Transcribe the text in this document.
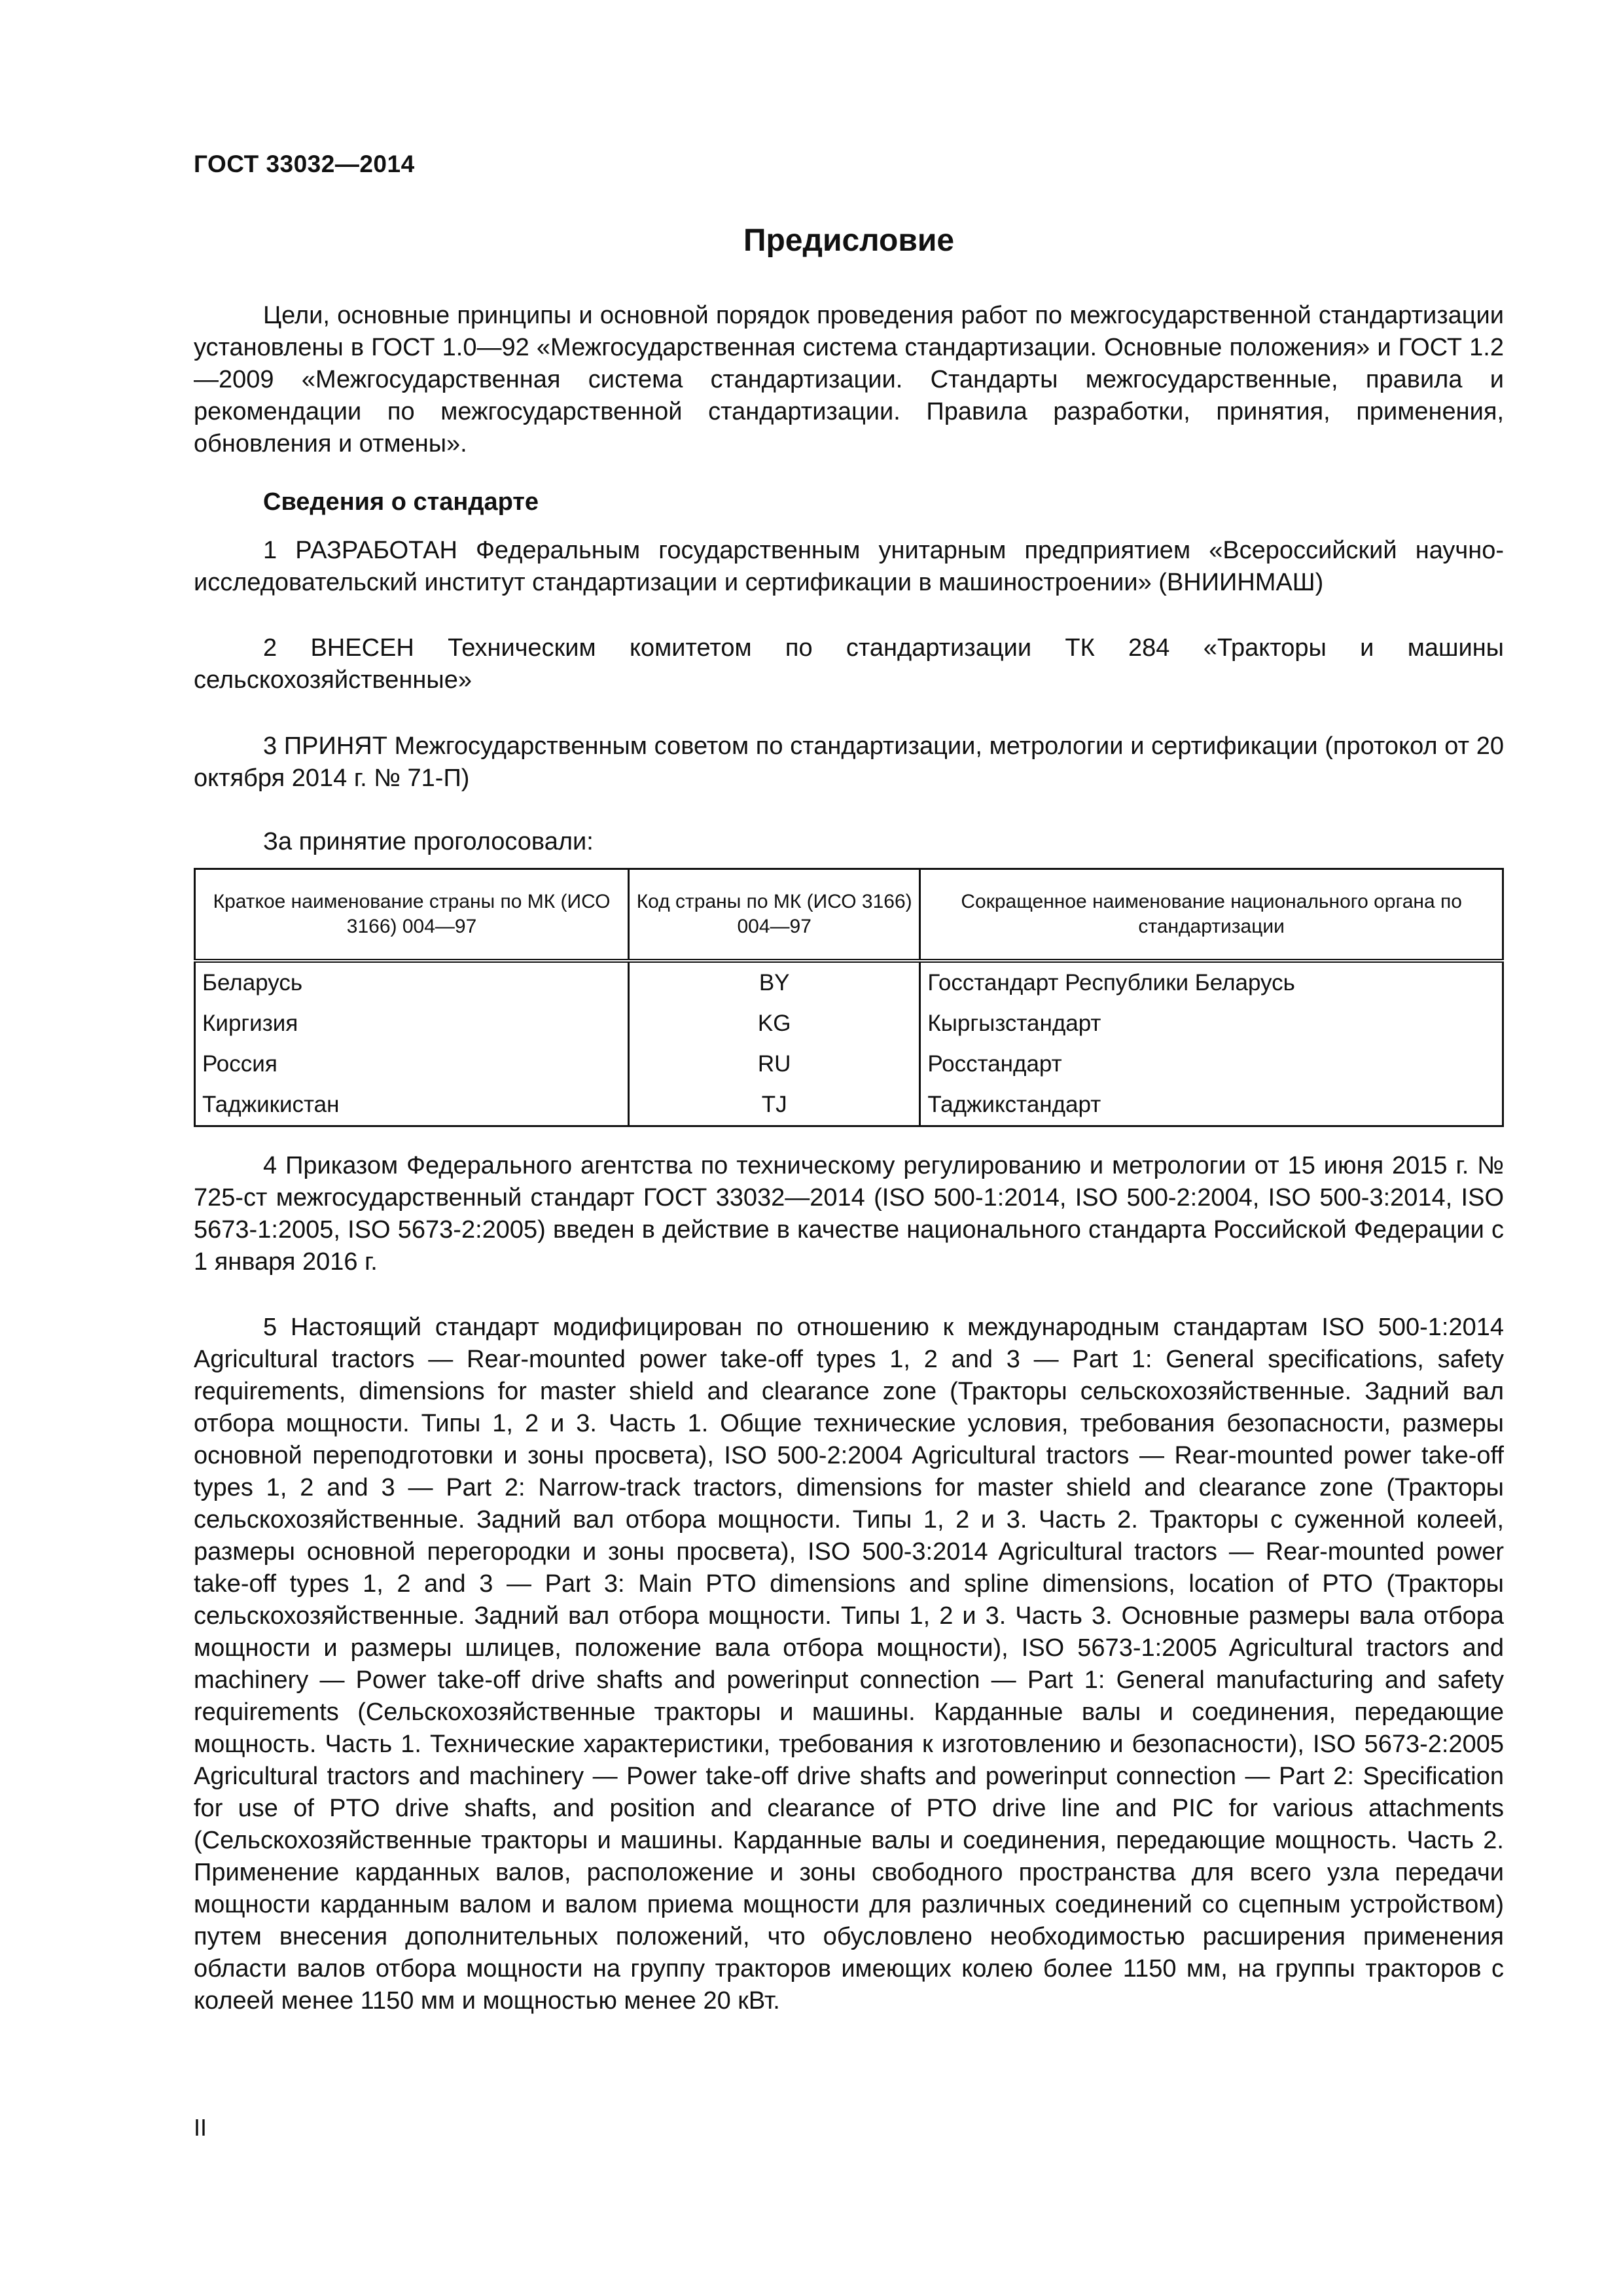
ГОСТ 33032—2014
Предисловие

Цели, основные принципы и основной порядок проведения работ по межгосударственной стандартизации установлены в ГОСТ 1.0—92 «Межгосударственная система стандартизации. Основные положения» и ГОСТ 1.2—2009 «Межгосударственная система стандартизации. Стандарты межгосударственные, правила и рекомендации по межгосударственной стандартизации. Правила разработки, принятия, применения, обновления и отмены».

Сведения о стандарте

1 РАЗРАБОТАН Федеральным государственным унитарным предприятием «Всероссийский научно-исследовательский институт стандартизации и сертификации в машиностроении» (ВНИИНМАШ)

2 ВНЕСЕН Техническим комитетом по стандартизации ТК 284 «Тракторы и машины сельскохозяйственные»

3 ПРИНЯТ Межгосударственным советом по стандартизации, метрологии и сертификации (протокол от 20 октября 2014 г. № 71-П)

За принятие проголосовали:
Краткое наименование страны по МК (ИСО 3166) 004—97	Код страны по МК (ИСО 3166) 004—97	Сокращенное наименование национального органа по стандартизации
Беларусь	BY	Госстандарт Республики Беларусь
Киргизия	KG	Кыргызстандарт
Россия	RU	Росстандарт
Таджикистан	TJ	Таджикстандарт

4 Приказом Федерального агентства по техническому регулированию и метрологии от 15 июня 2015 г. № 725-ст межгосударственный стандарт ГОСТ 33032—2014 (ISO 500-1:2014, ISO 500-2:2004, ISO 500-3:2014, ISO 5673-1:2005, ISO 5673-2:2005) введен в действие в качестве национального стандарта Российской Федерации с 1 января 2016 г.

5 Настоящий стандарт модифицирован по отношению к международным стандартам ISO 500-1:2014 Agricultural tractors — Rear-mounted power take-off types 1, 2 and 3 — Part 1: General specifications, safety requirements, dimensions for master shield and clearance zone (Тракторы сельскохозяйственные. Задний вал отбора мощности. Типы 1, 2 и 3. Часть 1. Общие технические условия, требования безопасности, размеры основной переподготовки и зоны просвета), ISO 500-2:2004 Agricultural tractors — Rear-mounted power take-off types 1, 2 and 3 — Part 2: Narrow-track tractors, dimensions for master shield and clearance zone (Тракторы сельскохозяйственные. Задний вал отбора мощности. Типы 1, 2 и 3. Часть 2. Тракторы с суженной колеей, размеры основной перегородки и зоны просвета), ISO 500-3:2014 Agricultural tractors — Rear-mounted power take-off types 1, 2 and 3 — Part 3: Main PTO dimensions and spline dimensions, location of PTO (Тракторы сельскохозяйственные. Задний вал отбора мощности. Типы 1, 2 и 3. Часть 3. Основные размеры вала отбора мощности и размеры шлицев, положение вала отбора мощности), ISO 5673-1:2005 Agricultural tractors and machinery — Power take-off drive shafts and powerinput connection — Part 1: General manufacturing and safety requirements (Сельскохозяйственные тракторы и машины. Карданные валы и соединения, передающие мощность. Часть 1. Технические характеристики, требования к изготовлению и безопасности), ISO 5673-2:2005 Agricultural tractors and machinery — Power take-off drive shafts and powerinput connection — Part 2: Specification for use of PTO drive shafts, and position and clearance of PTO drive line and PIC for various attachments (Сельскохозяйственные тракторы и машины. Карданные валы и соединения, передающие мощность. Часть 2. Применение карданных валов, расположение и зоны свободного пространства для всего узла передачи мощности карданным валом и валом приема мощности для различных соединений со сцепным устройством) путем внесения дополнительных положений, что обусловлено необходимостью расширения применения области валов отбора мощности на группу тракторов имеющих колею более 1150 мм, на группы тракторов с колеей менее 1150 мм и мощностью менее 20 кВт.

II
